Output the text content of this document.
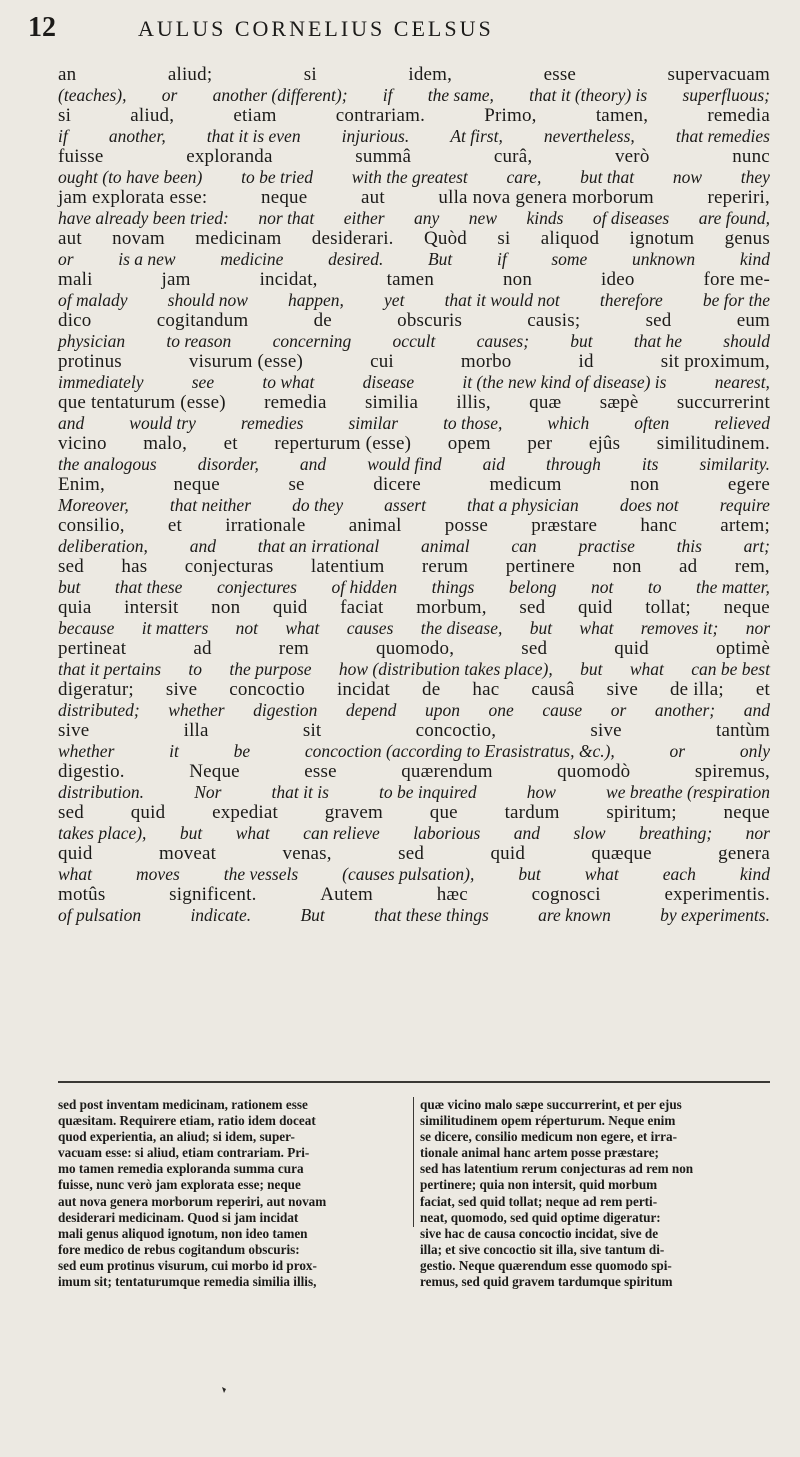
12	AULUS CORNELIUS CELSUS
an	aliud;	si	idem,	esse	supervacuam
(teaches), or another (different); if the same, that it (theory) is superfluous;
si	aliud,	etiam	contrariam.	Primo,	tamen,	remedia
if another, that it is even injurious. At first, nevertheless, that remedies
fuisse	exploranda	summâ	curâ,	verò	nunc
ought (to have been) to be tried with the greatest care, but that now they
jam explorata esse:	neque	aut	ulla nova genera morborum	reperiri,
have already been tried: nor that either any new kinds of diseases are found,
aut novam medicinam desiderari. Quòd si aliquod ignotum genus
or	is a new	medicine	desired.	But	if	some	unknown	kind
mali	jam	incidat,	tamen	non	ideo	fore me-
of malady should now happen, yet that it would not therefore be for the
dico	cogitandum	de	obscuris	causis;	sed	eum
physician to reason concerning occult causes; but that he should
protinus	visurum (esse)	cui	morbo	id	sit proximum,
immediately	see	to what	disease	it (the new kind of disease) is	nearest,
que tentaturum (esse) remedia similia illis, quæ sæpè succurrerint
and	would try	remedies	similar	to those,	which	often	relieved
vicino malo, et reperturum (esse) opem per ejûs similitudinem.
the analogous disorder, and would find aid through its similarity.
Enim,	neque	se	dicere	medicum	non	egere
Moreover, that neither do they assert that a physician does not require
consilio, et irrationale animal posse præstare hanc artem;
deliberation, and that an irrational animal can practise this art;
sed has conjecturas latentium rerum pertinere non ad rem,
but that these conjectures of hidden things belong not to the matter,
quia intersit non quid faciat morbum, sed quid tollat; neque
because it matters not what causes the disease, but what removes it; nor
pertineat	ad	rem	quomodo,	sed	quid	optimè
that it pertains to the purpose how (distribution takes place), but what can be best
digeratur; sive concoctio incidat de hac causâ sive de illa; et
distributed; whether digestion depend upon one cause or another; and
sive	illa	sit	concoctio,	sive	tantùm
whether	it	be	concoction (according to Erasistratus, &c.),	or	only
digestio.	Neque	esse	quærendum	quomodò	spiremus,
distribution.	Nor	that it is	to be inquired	how	we breathe (respiration
sed quid expediat gravem que tardum spiritum; neque
takes place), but what can relieve laborious and slow breathing; nor
quid	moveat	venas,	sed	quid	quæque	genera
what	moves	the vessels	(causes pulsation),	but	what	each	kind
motûs	significent.	Autem	hæc	cognosci	experimentis.
of pulsation	indicate.	But	that these things	are known	by experiments.
sed post inventam medicinam, rationem esse
quæsitam. Requirere etiam, ratio idem doceat
quod experientia, an aliud; si idem, super-
vacuam esse: si aliud, etiam contrariam. Pri-
mo tamen remedia exploranda summa cura
fuisse, nunc verò jam explorata esse; neque
aut nova genera morborum reperiri, aut novam
desiderari medicinam. Quod si jam incidat
mali genus aliquod ignotum, non ideo tamen
fore medico de rebus cogitandum obscuris:
sed eum protinus visurum, cui morbo id prox-
imum sit; tentaturumque remedia similia illis,
quæ vicino malo sæpe succurrerint, et per ejus
similitudinem opem réperturum. Neque enim
se dicere, consilio medicum non egere, et irra-
tionale animal hanc artem posse præstare;
sed has latentium rerum conjecturas ad rem non
pertinere; quia non intersit, quid morbum
faciat, sed quid tollat; neque ad rem perti-
neat, quomodo, sed quid optime digeratur:
sive hac de causa concoctio incidat, sive de
illa; et sive concoctio sit illa, sive tantum di-
gestio. Neque quærendum esse quomodo spi-
remus, sed quid gravem tardumque spiritum
